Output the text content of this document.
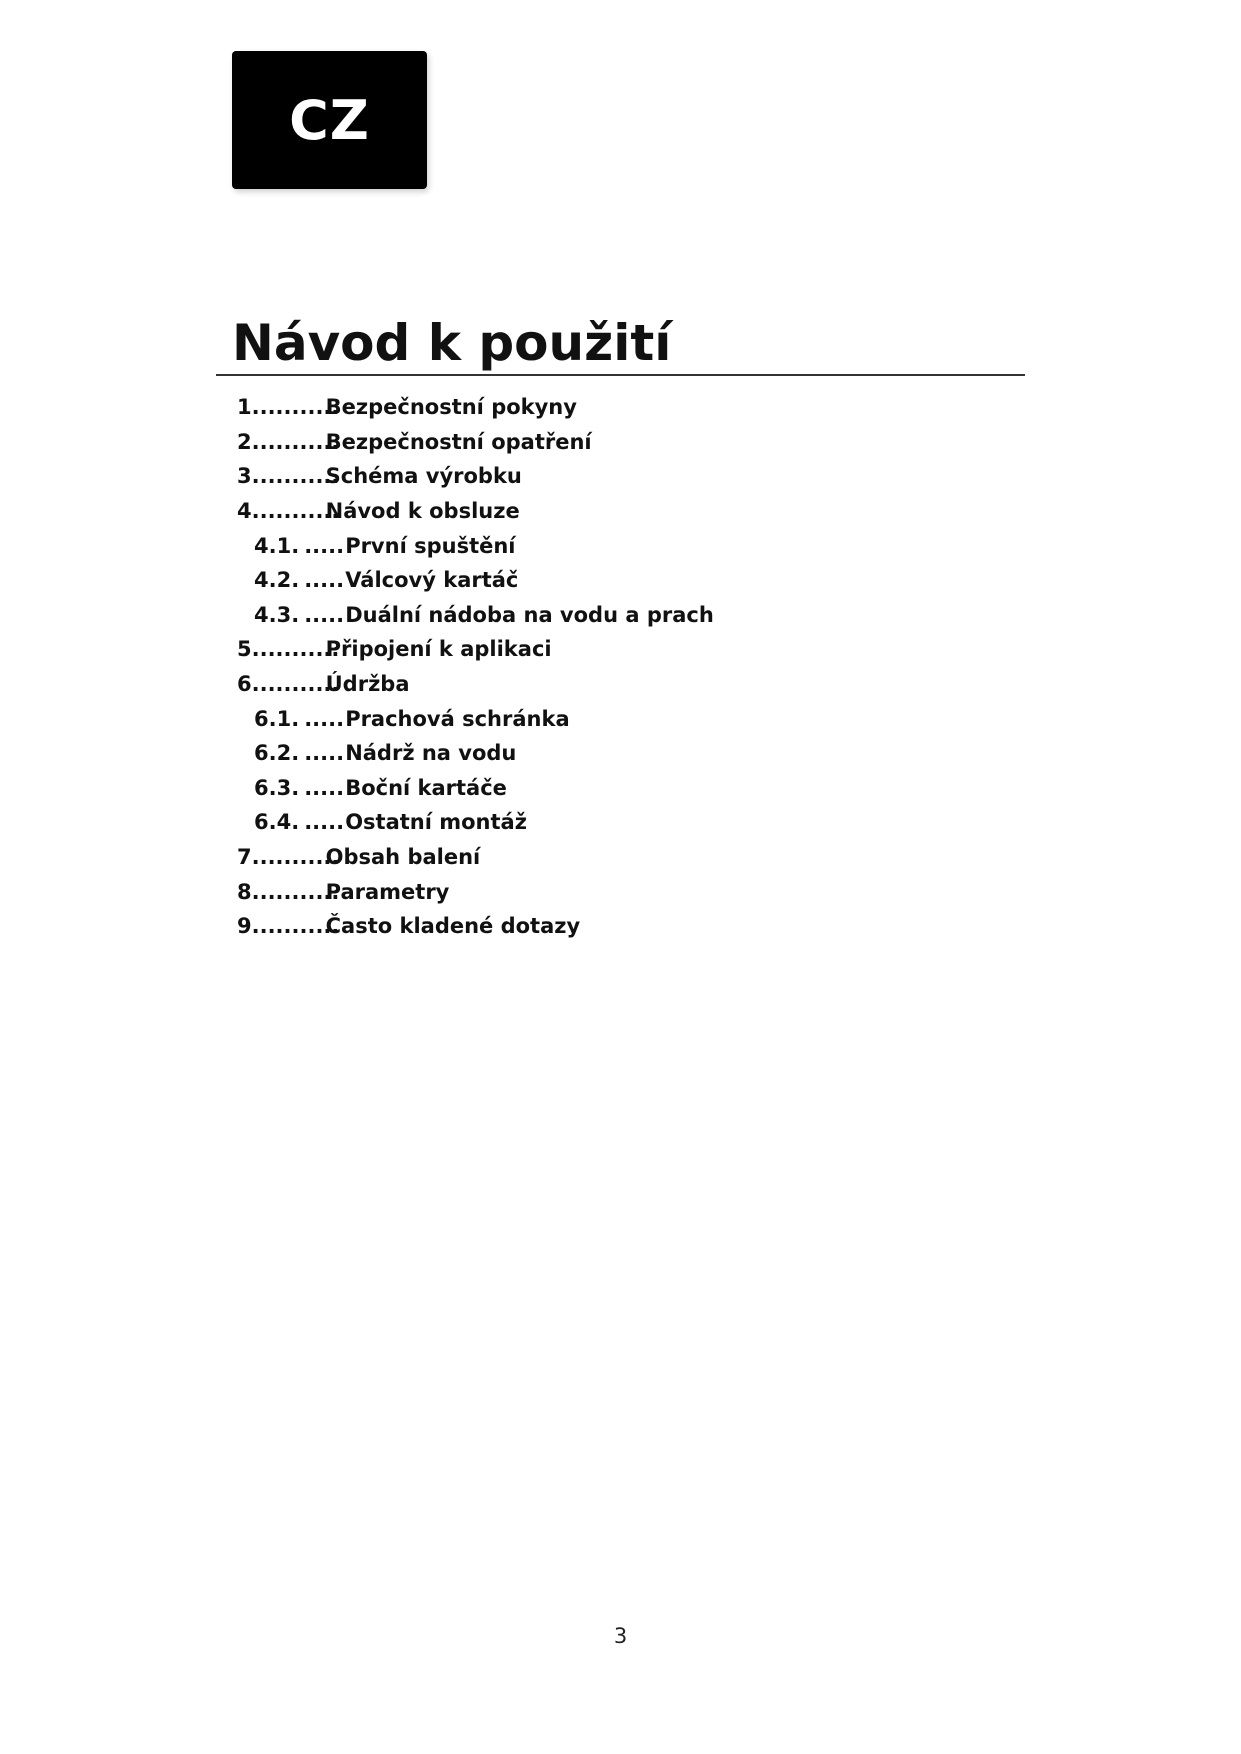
CZ
Návod k použití
1 ...........
Bezpečnostní pokyny
2 ...........
Bezpečnostní opatření
3 ...........
Schéma výrobku
4 ...........
Návod k obsluze
4.1. ..... První spuštění
4.2. ..... Válcový kartáč
4.3. ..... Duální nádoba na vodu a prach
5 ...........
Připojení k aplikaci
6 ...........
Údržba
6.1. ..... Prachová schránka
6.2. ..... Nádrž na vodu
6.3. ..... Boční kartáče
6.4. ..... Ostatní montáž
7 ...........
Obsah balení
8 ...........
Parametry
9 ...........
Často kladené dotazy
3
